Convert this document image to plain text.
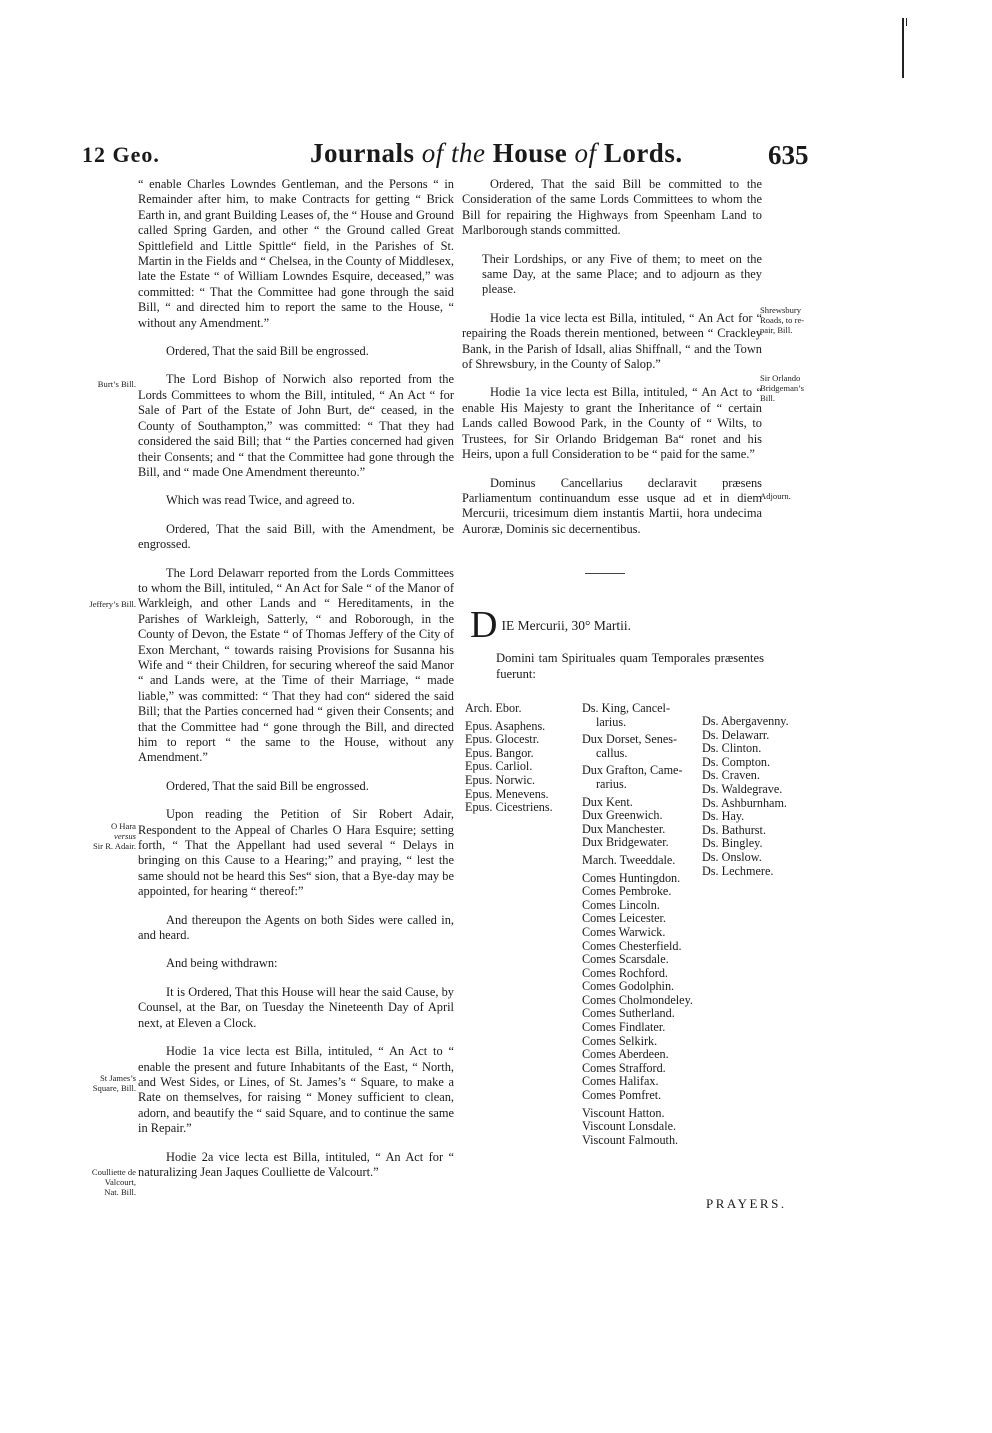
12 Geo.	Journals of the House of Lords.	635

“ enable Charles Lowndes Gentleman, and the Persons “ in Remainder after him, to make Contracts for getting “ Brick Earth in, and grant Building Leases of, the “ House and Ground called Spring Garden, and other “ the Ground called Great Spittlefield and Little Spittle“ field, in the Parishes of St. Martin in the Fields and “ Chelsea, in the County of Middlesex, late the Estate “ of William Lowndes Esquire, deceased,” was committed: “ That the Committee had gone through the said Bill, “ and directed him to report the same to the House, “ without any Amendment.”

Ordered, That the said Bill be engrossed.

The Lord Bishop of Norwich also reported from the Lords Committees to whom the Bill, intituled, “ An Act “ for Sale of Part of the Estate of John Burt, de“ ceased, in the County of Southampton,” was committed: “ That they had considered the said Bill; that “ the Parties concerned had given their Consents; and “ that the Committee had gone through the Bill, and “ made One Amendment thereunto.”

Which was read Twice, and agreed to.

Ordered, That the said Bill, with the Amendment, be engrossed.

The Lord Delawarr reported from the Lords Committees to whom the Bill, intituled, “ An Act for Sale “ of the Manor of Warkleigh, and other Lands and “ Hereditaments, in the Parishes of Warkleigh, Satterly, “ and Roborough, in the County of Devon, the Estate “ of Thomas Jeffery of the City of Exon Merchant, “ towards raising Provisions for Susanna his Wife and “ their Children, for securing whereof the said Manor “ and Lands were, at the Time of their Marriage, “ made liable,” was committed: “ That they had con“ sidered the said Bill; that the Parties concerned had “ given their Consents; and that the Committee had “ gone through the Bill, and directed him to report “ the same to the House, without any Amendment.”

Ordered, That the said Bill be engrossed.

Upon reading the Petition of Sir Robert Adair, Respondent to the Appeal of Charles O Hara Esquire; setting forth, “ That the Appellant had used several “ Delays in bringing on this Cause to a Hearing;” and praying, “ lest the same should not be heard this Ses“ sion, that a Bye-day may be appointed, for hearing “ thereof:”

And thereupon the Agents on both Sides were called in, and heard.

And being withdrawn:

It is Ordered, That this House will hear the said Cause, by Counsel, at the Bar, on Tuesday the Nineteenth Day of April next, at Eleven a Clock.

Hodie 1a vice lecta est Billa, intituled, “ An Act to “ enable the present and future Inhabitants of the East, “ North, and West Sides, or Lines, of St. James’s “ Square, to make a Rate on themselves, for raising “ Money sufficient to clean, adorn, and beautify the “ said Square, and to continue the same in Repair.”

Hodie 2a vice lecta est Billa, intituled, “ An Act for “ naturalizing Jean Jaques Coulliette de Valcourt.”

Burt’s Bill.
Jeffery’s Bill.
O Hara
versus
Sir R. Adair.
St James’s
Square, Bill.
Coulliette de
Valcourt,
Nat. Bill.

Ordered, That the said Bill be committed to the Consideration of the same Lords Committees to whom the Bill for repairing the Highways from Speenham Land to Marlborough stands committed.

Their Lordships, or any Five of them; to meet on the same Day, at the same Place; and to adjourn as they please.

Hodie 1a vice lecta est Billa, intituled, “ An Act for “ repairing the Roads therein mentioned, between “ Crackley Bank, in the Parish of Idsall, alias Shiffnall, “ and the Town of Shrewsbury, in the County of Salop.”

Hodie 1a vice lecta est Billa, intituled, “ An Act to “ enable His Majesty to grant the Inheritance of “ certain Lands called Bowood Park, in the County of “ Wilts, to Trustees, for Sir Orlando Bridgeman Ba“ ronet and his Heirs, upon a full Consideration to be “ paid for the same.”

Dominus Cancellarius declaravit præsens Parliamentum continuandum esse usque ad et in diem Mercurii, tricesimum diem instantis Martii, hora undecima Auroræ, Dominis sic decernentibus.

Shrewsbury
Roads, to re-
pair, Bill.
Sir Orlando
Bridgeman’s
Bill.
Adjourn.
D IE Mercurii, 30° Martii.
Domini tam Spirituales quam Temporales præsentes fuerunt:
Arch. Ebor.
Epus. Asaphens.
Epus. Glocestr.
Epus. Bangor.
Epus. Carliol.
Epus. Norwic.
Epus. Menevens.
Epus. Cicestriens.
Ds. King, Cancel-
larius.
Dux Dorset, Senes-
callus.
Dux Grafton, Came-
rarius.
Dux Kent.
Dux Greenwich.
Dux Manchester.
Dux Bridgewater.
March. Tweeddale.
Comes Huntingdon.
Comes Pembroke.
Comes Lincoln.
Comes Leicester.
Comes Warwick.
Comes Chesterfield.
Comes Scarsdale.
Comes Rochford.
Comes Godolphin.
Comes Cholmondeley.
Comes Sutherland.
Comes Findlater.
Comes Selkirk.
Comes Aberdeen.
Comes Strafford.
Comes Halifax.
Comes Pomfret.
Viscount Hatton.
Viscount Lonsdale.
Viscount Falmouth.
Ds. Abergavenny.
Ds. Delawarr.
Ds. Clinton.
Ds. Compton.
Ds. Craven.
Ds. Waldegrave.
Ds. Ashburnham.
Ds. Hay.
Ds. Bathurst.
Ds. Bingley.
Ds. Onslow.
Ds. Lechmere.
PRAYERS.
